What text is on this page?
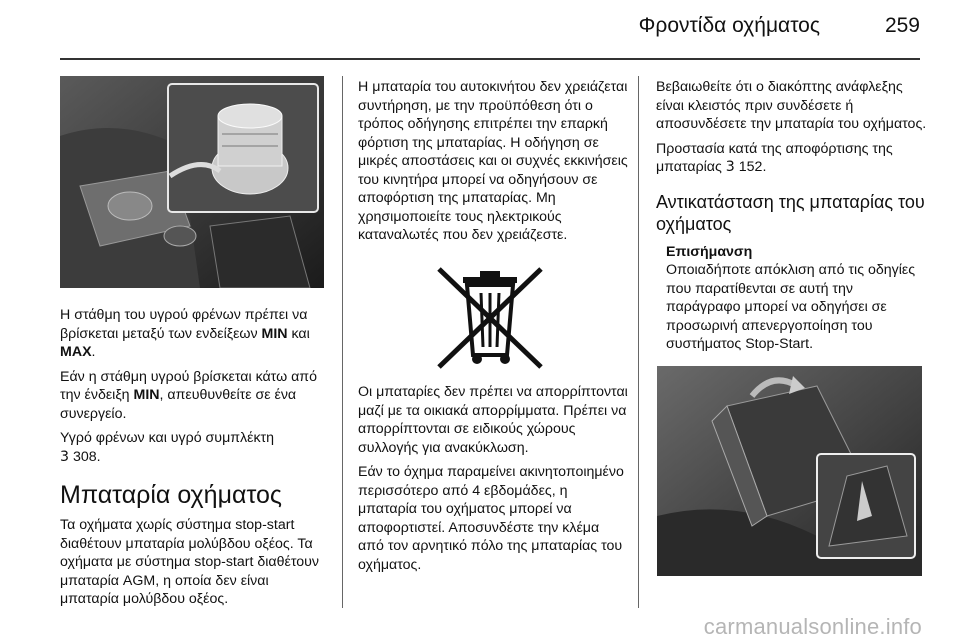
Φροντίδα οχήματος	259

Η στάθμη του υγρού φρένων πρέπει να βρίσκεται μεταξύ των ενδείξεων MIN και MAX.

Εάν η στάθμη υγρού βρίσκεται κάτω από την ένδειξη MIN, απευθυνθείτε σε ένα συνεργείο.

Υγρό φρένων και υγρό συμπλέκτη
3 308.

Μπαταρία οχήματος

Τα οχήματα χωρίς σύστημα stop-start διαθέτουν μπαταρία μολύβδου οξέος. Τα οχήματα με σύστημα stop-start διαθέτουν μπαταρία AGM, η οποία δεν είναι μπαταρία μολύβδου οξέος.

Η μπαταρία του αυτοκινήτου δεν χρειάζεται συντήρηση, με την προϋπόθεση ότι ο τρόπος οδήγησης επιτρέπει την επαρκή φόρτιση της μπαταρίας. Η οδήγηση σε μικρές αποστάσεις και οι συχνές εκκινήσεις του κινητήρα μπορεί να οδηγήσουν σε αποφόρτιση της μπαταρίας. Μη χρησιμοποιείτε τους ηλεκτρικούς καταναλωτές που δεν χρειάζεστε.

Οι μπαταρίες δεν πρέπει να απορρίπτονται μαζί με τα οικιακά απορρίμματα. Πρέπει να απορρίπτονται σε ειδικούς χώρους συλλογής για ανακύκλωση.

Εάν το όχημα παραμείνει ακινητοποιημένο περισσότερο από 4 εβδομάδες, η μπαταρία του οχήματος μπορεί να αποφορτιστεί. Αποσυνδέστε την κλέμα από τον αρνητικό πόλο της μπαταρίας του οχήματος.

Βεβαιωθείτε ότι ο διακόπτης ανάφλεξης είναι κλειστός πριν συνδέσετε ή αποσυνδέσετε την μπαταρία του οχήματος.

Προστασία κατά της αποφόρτισης της μπαταρίας 3 152.

Αντικατάσταση της μπαταρίας του οχήματος
Επισήμανση
Οποιαδήποτε απόκλιση από τις οδηγίες που παρατίθενται σε αυτή την παράγραφο μπορεί να οδηγήσει σε προσωρινή απενεργοποίηση του συστήματος Stop-Start.
carmanualsonline.info
